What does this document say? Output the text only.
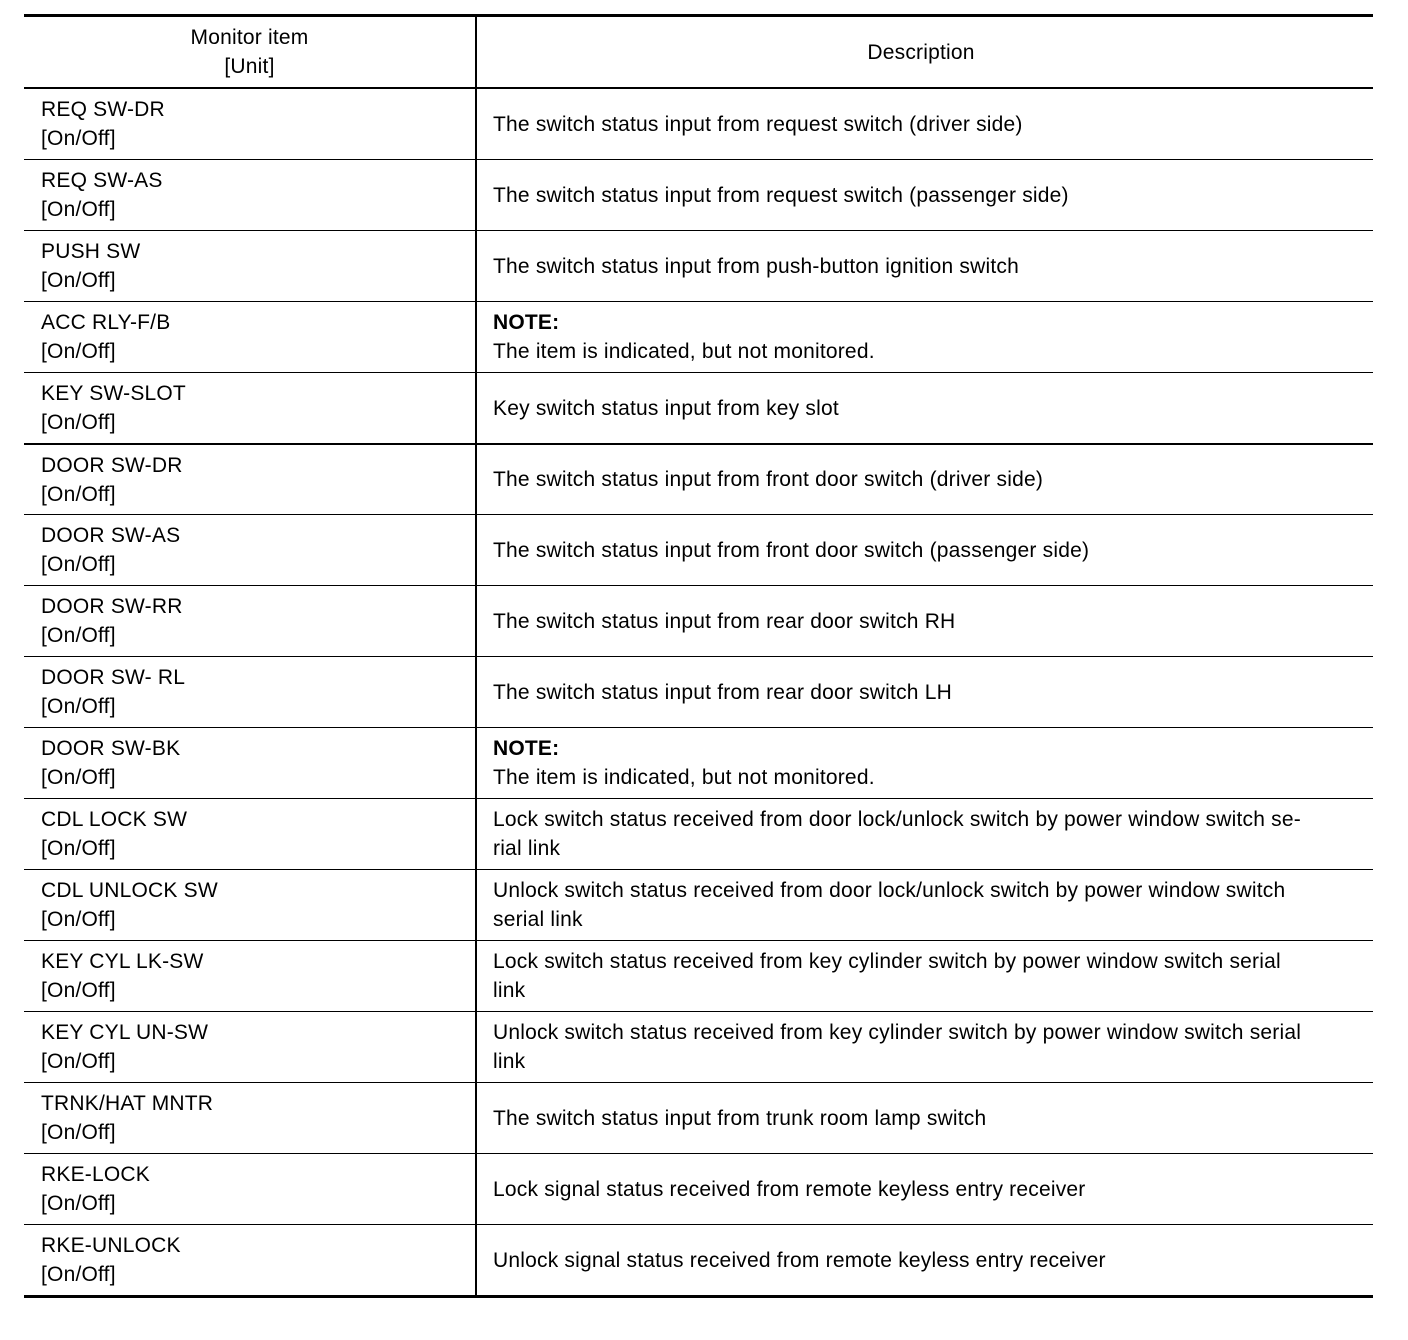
Monitor item
[Unit]
Description
REQ SW-DR
[On/Off]
The switch status input from request switch (driver side)
REQ SW-AS
[On/Off]
The switch status input from request switch (passenger side)
PUSH SW
[On/Off]
The switch status input from push-button ignition switch
ACC RLY-F/B
[On/Off]
NOTE:
The item is indicated, but not monitored.
KEY SW-SLOT
[On/Off]
Key switch status input from key slot
DOOR SW-DR
[On/Off]
The switch status input from front door switch (driver side)
DOOR SW-AS
[On/Off]
The switch status input from front door switch (passenger side)
DOOR SW-RR
[On/Off]
The switch status input from rear door switch RH
DOOR SW- RL
[On/Off]
The switch status input from rear door switch LH
DOOR SW-BK
[On/Off]
NOTE:
The item is indicated, but not monitored.
CDL LOCK SW
[On/Off]
Lock switch status received from door lock/unlock switch by power window switch se-
rial link
CDL UNLOCK SW
[On/Off]
Unlock switch status received from door lock/unlock switch by power window switch
serial link
KEY CYL LK-SW
[On/Off]
Lock switch status received from key cylinder switch by power window switch serial
link
KEY CYL UN-SW
[On/Off]
Unlock switch status received from key cylinder switch by power window switch serial
link
TRNK/HAT MNTR
[On/Off]
The switch status input from trunk room lamp switch
RKE-LOCK
[On/Off]
Lock signal status received from remote keyless entry receiver
RKE-UNLOCK
[On/Off]
Unlock signal status received from remote keyless entry receiver
